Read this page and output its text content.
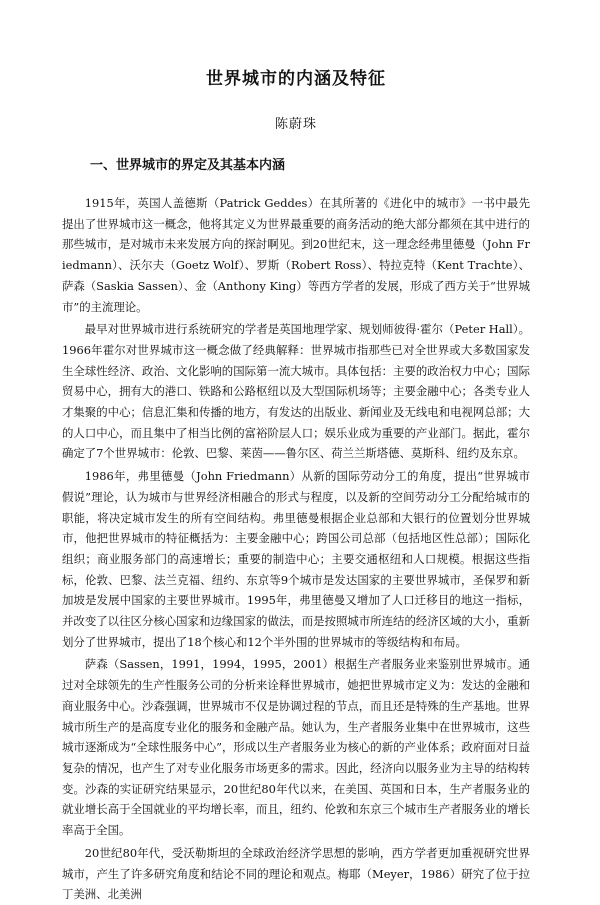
世界城市的内涵及特征
陈蔚珠
一、世界城市的界定及其基本内涵

1915年，英国人盖德斯（Patrick Geddes）在其所著的《进化中的城市》一书中最先提出了世界城市这一概念，他将其定义为世界最重要的商务活动的绝大部分都须在其中进行的那些城市，是对城市未来发展方向的探討啊见。到20世纪末，这一理念经弗里德曼（John Friedmann）、沃尔夫（Goetz Wolf）、罗斯（Robert Ross）、特拉克特（Kent Trachte）、萨森（Saskia Sassen）、金（Anthony King）等西方学者的发展，形成了西方关于“世界城市”的主流理论。

最早对世界城市进行系统研究的学者是英国地理学家、规划师彼得·霍尔（Peter Hall）。1966年霍尔对世界城市这一概念做了经典解释：世界城市指那些已对全世界或大多数国家发生全球性经济、政治、文化影响的国际第一流大城市。具体包括：主要的政治权力中心；国际贸易中心，拥有大的港口、铁路和公路枢纽以及大型国际机场等；主要金融中心；各类专业人才集聚的中心；信息汇集和传播的地方，有发达的出版业、新闻业及无线电和电视网总部；大的人口中心，而且集中了相当比例的富裕阶层人口；娱乐业成为重要的产业部门。据此，霍尔确定了7个世界城市：伦敦、巴黎、莱茵——鲁尔区、荷兰兰斯塔德、莫斯科、纽约及东京。

1986年，弗里德曼（John Friedmann）从新的国际劳动分工的角度，提出“世界城市假说”理论，认为城市与世界经济相融合的形式与程度，以及新的空间劳动分工分配给城市的职能，将决定城市发生的所有空间结构。弗里德曼根据企业总部和大银行的位置划分世界城市，他把世界城市的特征概括为：主要金融中心；跨国公司总部（包括地区性总部）；国际化组织；商业服务部门的高速增长；重要的制造中心；主要交通枢纽和人口规模。根据这些指标，伦敦、巴黎、法兰克福、纽约、东京等9个城市是发达国家的主要世界城市，圣保罗和新加坡是发展中国家的主要世界城市。1995年，弗里德曼又增加了人口迁移目的地这一指标，并改变了以往区分核心国家和边缘国家的做法，而是按照城市所连结的经济区域的大小，重新划分了世界城市，提出了18个核心和12个半外围的世界城市的等级结构和布局。

萨森（Sassen，1991，1994，1995，2001）根据生产者服务业来鉴别世界城市。通过对全球领先的生产性服务公司的分析来诠释世界城市，她把世界城市定义为：发达的金融和商业服务中心。沙森强调，世界城市不仅是协调过程的节点，而且还是特殊的生产基地。世界城市所生产的是高度专业化的服务和金融产品。她认为，生产者服务业集中在世界城市，这些城市逐渐成为“全球性服务中心”，形成以生产者服务业为核心的新的产业体系；政府面对日益复杂的情况，也产生了对专业化服务市场更多的需求。因此，经济向以服务业为主导的结构转变。沙森的实证研究结果显示，20世纪80年代以来，在美国、英国和日本，生产者服务业的就业增长高于全国就业的平均增长率，而且，纽约、伦敦和东京三个城市生产者服务业的增长率高于全国。

20世纪80年代，受沃勒斯坦的全球政治经济学思想的影响，西方学者更加重视研究世界城市，产生了许多研究角度和结论不同的理论和观点。梅耶（Meyer，1986）研究了位于拉丁美洲、北美洲
